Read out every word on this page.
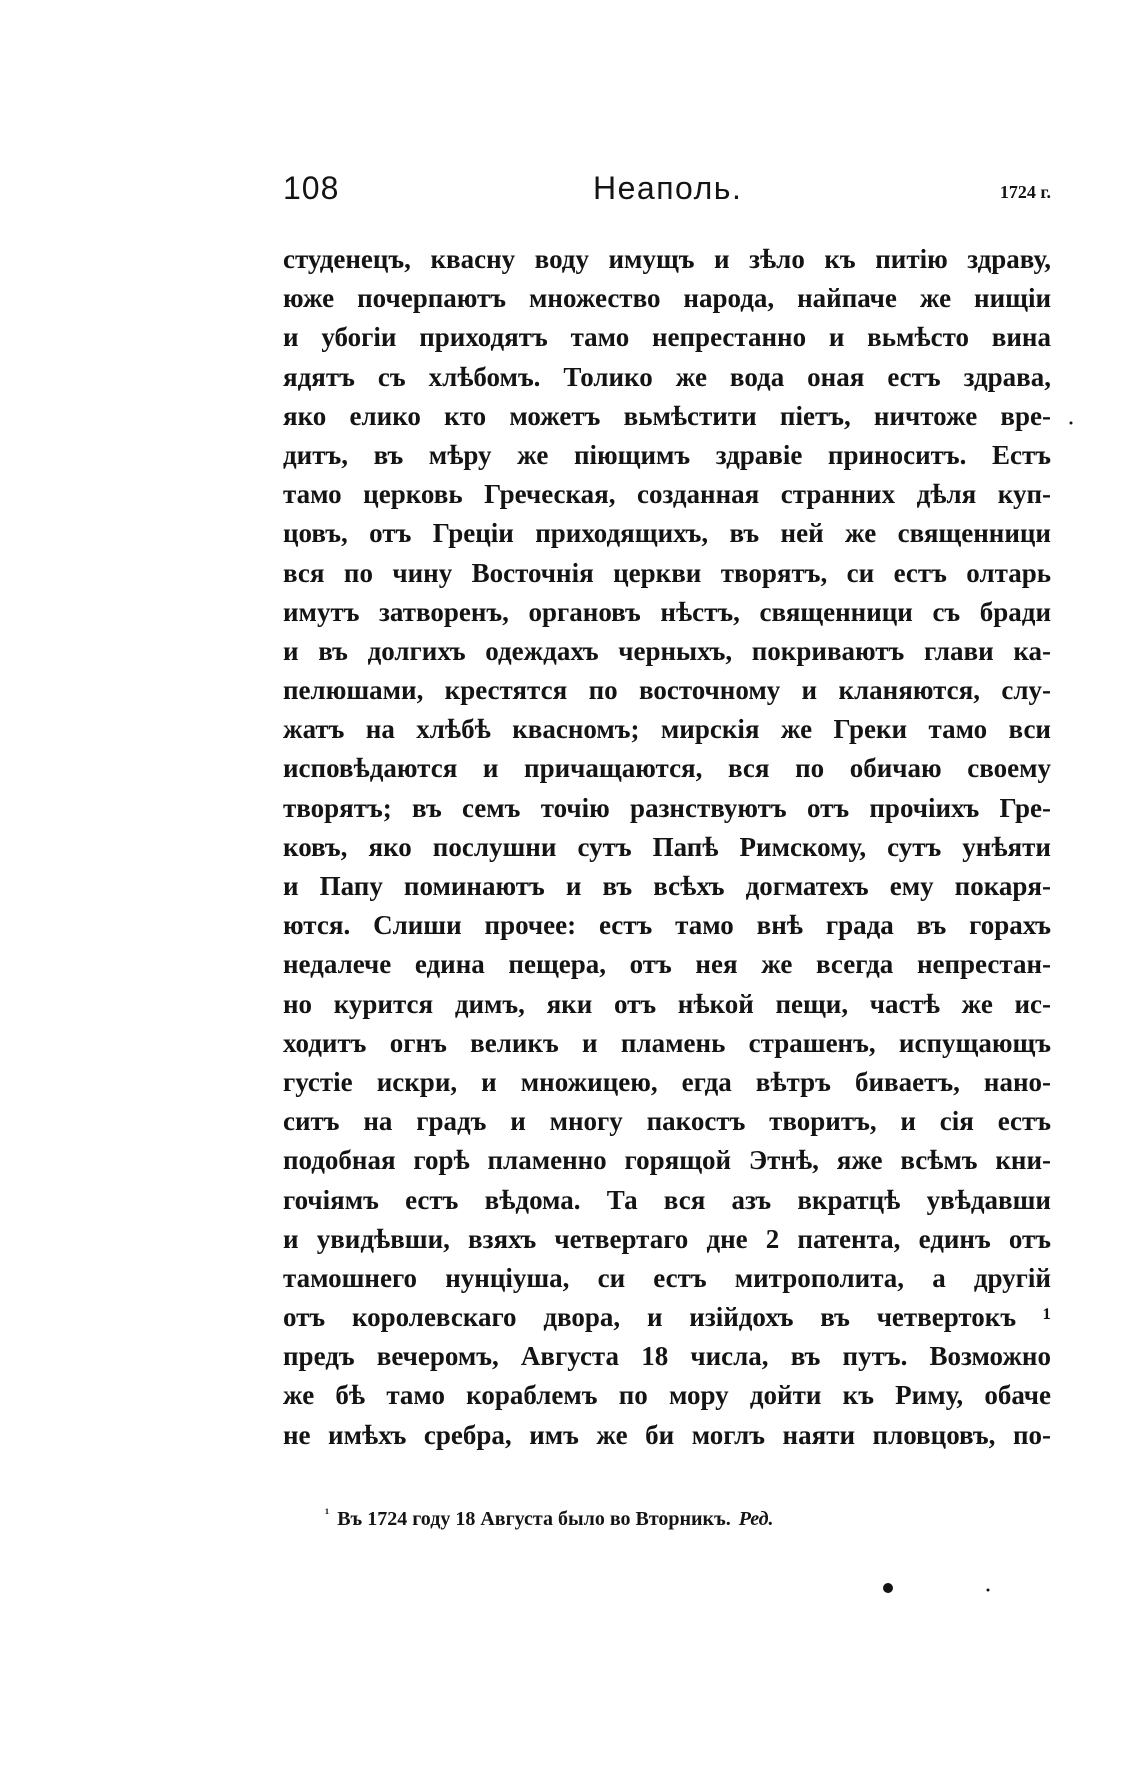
108	Неаполь.	1724 г.
студенецъ, квасну воду имущъ и зѣло къ питію здраву,
юже почерпаютъ множество народа, найпаче же нищіи
и убогіи приходятъ тамо непрестанно и вьмѣсто вина
ядятъ съ хлѣбомъ. Толико же вода оная естъ здрава,
яко елико кто можетъ вьмѣстити піетъ, ничтоже вре-
дитъ, въ мѣру же піющимъ здравіе приноситъ. Естъ
тамо церковь Греческая, созданная странних дѣля куп-
цовъ, отъ Греціи приходящихъ, въ ней же священници
вся по чину Восточнія церкви творятъ, си естъ олтарь
имутъ затворенъ, органовъ нѣстъ, священници съ бради
и въ долгихъ одеждахъ черныхъ, покриваютъ глави ка-
пелюшами, крестятся по восточному и кланяются, слу-
жатъ на хлѣбѣ квасномъ; мирскія же Греки тамо вси
исповѣдаются и причащаются, вся по обичаю своему
творятъ; въ семъ точію разнствуютъ отъ прочіихъ Гре-
ковъ, яко послушни сутъ Папѣ Римскому, сутъ унѣяти
и Папу поминаютъ и въ всѣхъ догматехъ ему покаря-
ются. Слиши прочее: естъ тамо внѣ града въ горахъ
недалече едина пещера, отъ нея же всегда непрестан-
но курится димъ, яки отъ нѣкой пещи, частѣ же ис-
ходитъ огнъ великъ и пламень страшенъ, испущающъ
густіе искри, и множицею, егда вѣтръ биваетъ, нано-
ситъ на градъ и многу пакостъ творитъ, и сія естъ
подобная горѣ пламенно горящой Этнѣ, яже всѣмъ кни-
гочіямъ естъ вѣдома. Та вся азъ вкратцѣ увѣдавши
и увидѣвши, взяхъ четвертаго дне 2 патента, единъ отъ
тамошнего нунціуша, си естъ митрополита, а другій
отъ королевскаго двора, и изійдохъ въ четвертокъ ¹
предъ вечеромъ, Августа 18 числа, въ путъ. Возможно
же бѣ тамо кораблемъ по мору дойти къ Риму, обаче
не имѣхъ сребра, имъ же би моглъ наяти пловцовъ, по-
$^{^1}$ Въ 1724 году 18 Августа было во Вторникъ. Ред.
